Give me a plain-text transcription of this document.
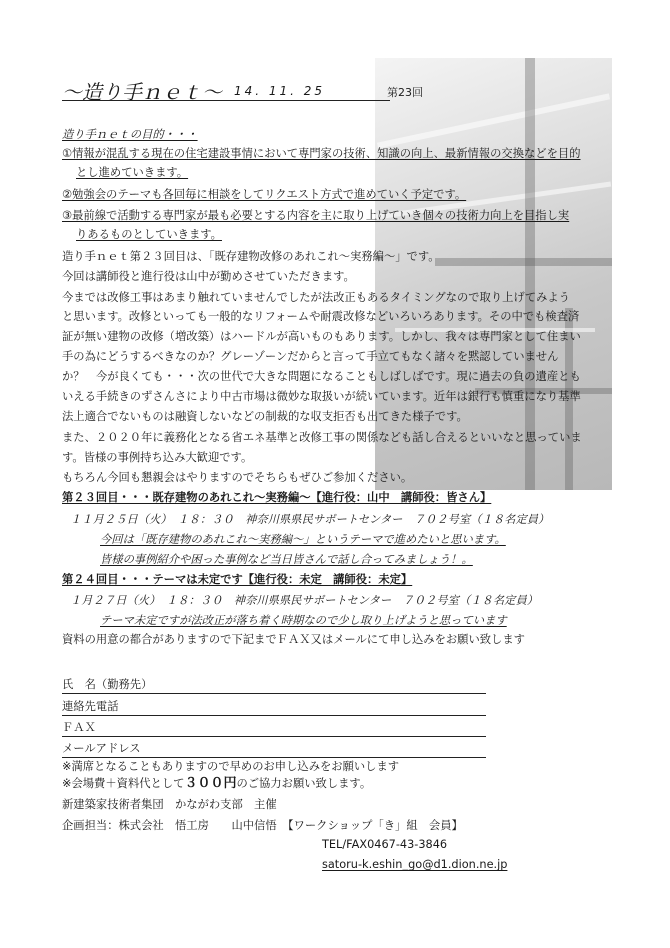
～造り手ｎｅｔ～ 14. 11. 25	第23回
造り手ｎｅｔの目的・・・
①情報が混乱する現在の住宅建設事情において専門家の技術、知識の向上、最新情報の交換などを目的
とし進めていきます。
②勉強会のテーマも各回毎に相談をしてリクエスト方式で進めていく予定です。
③最前線で活動する専門家が最も必要とする内容を主に取り上げていき個々の技術力向上を目指し実
りあるものとしていきます。
造り手ｎｅｔ第２３回目は、「既存建物改修のあれこれ～実務編～」です。
今回は講師役と進行役は山中が勤めさせていただきます。
今までは改修工事はあまり触れていませんでしたが法改正もあるタイミングなので取り上げてみよう
と思います。改修といっても一般的なリフォームや耐震改修などいろいろあります。その中でも検査済
証が無い建物の改修（増改築）はハードルが高いものもあります。しかし、我々は専門家として住まい
手の為にどうするべきなのか？グレーゾーンだからと言って手立てもなく諸々を黙認していません
か？　今が良くても・・・次の世代で大きな問題になることもしばしばです。現に過去の負の遺産とも
いえる手続きのずさんさにより中古市場は微妙な取扱いが続いています。近年は銀行も慎重になり基準
法上適合でないものは融資しないなどの制裁的な収支拒否も出てきた様子です。
また、２０２０年に義務化となる省エネ基準と改修工事の関係なども話し合えるといいなと思っていま
す。皆様の事例持ち込み大歓迎です。
もちろん今回も懇親会はやりますのでそちらもぜひご参加ください。
第２３回目・・・既存建物のあれこれ～実務編～【進行役：山中　講師役：皆さん】
１１月２５日（火）　１８：３０　神奈川県県民サポートセンター　７０２号室（１８名定員）
今回は「既存建物のあれこれ～実務編～」というテーマで進めたいと思います。
皆様の事例紹介や困った事例など当日皆さんで話し合ってみましょう！。
第２４回目・・・テーマは未定です【進行役：未定　講師役：未定】
１月２７日（火）　１８：３０　神奈川県県民サポートセンター　７０２号室（１８名定員）
テーマ未定ですが法改正が落ち着く時期なので少し取り上げようと思っています
資料の用意の都合がありますので下記までＦＡＸ又はメールにて申し込みをお願い致します
氏　名（勤務先）
連絡先電話
ＦＡＸ
メールアドレス
※満席となることもありますので早めのお申し込みをお願いします
※会場費＋資料代として３００円のご協力お願い致します。
新建築家技術者集団　かながわ支部　主催
企画担当：株式会社　悟工房　　山中信悟　【ワークショップ「き」組　会員】
TEL/FAX0467-43-3846
satoru-k.eshin_go@d1.dion.ne.jp
